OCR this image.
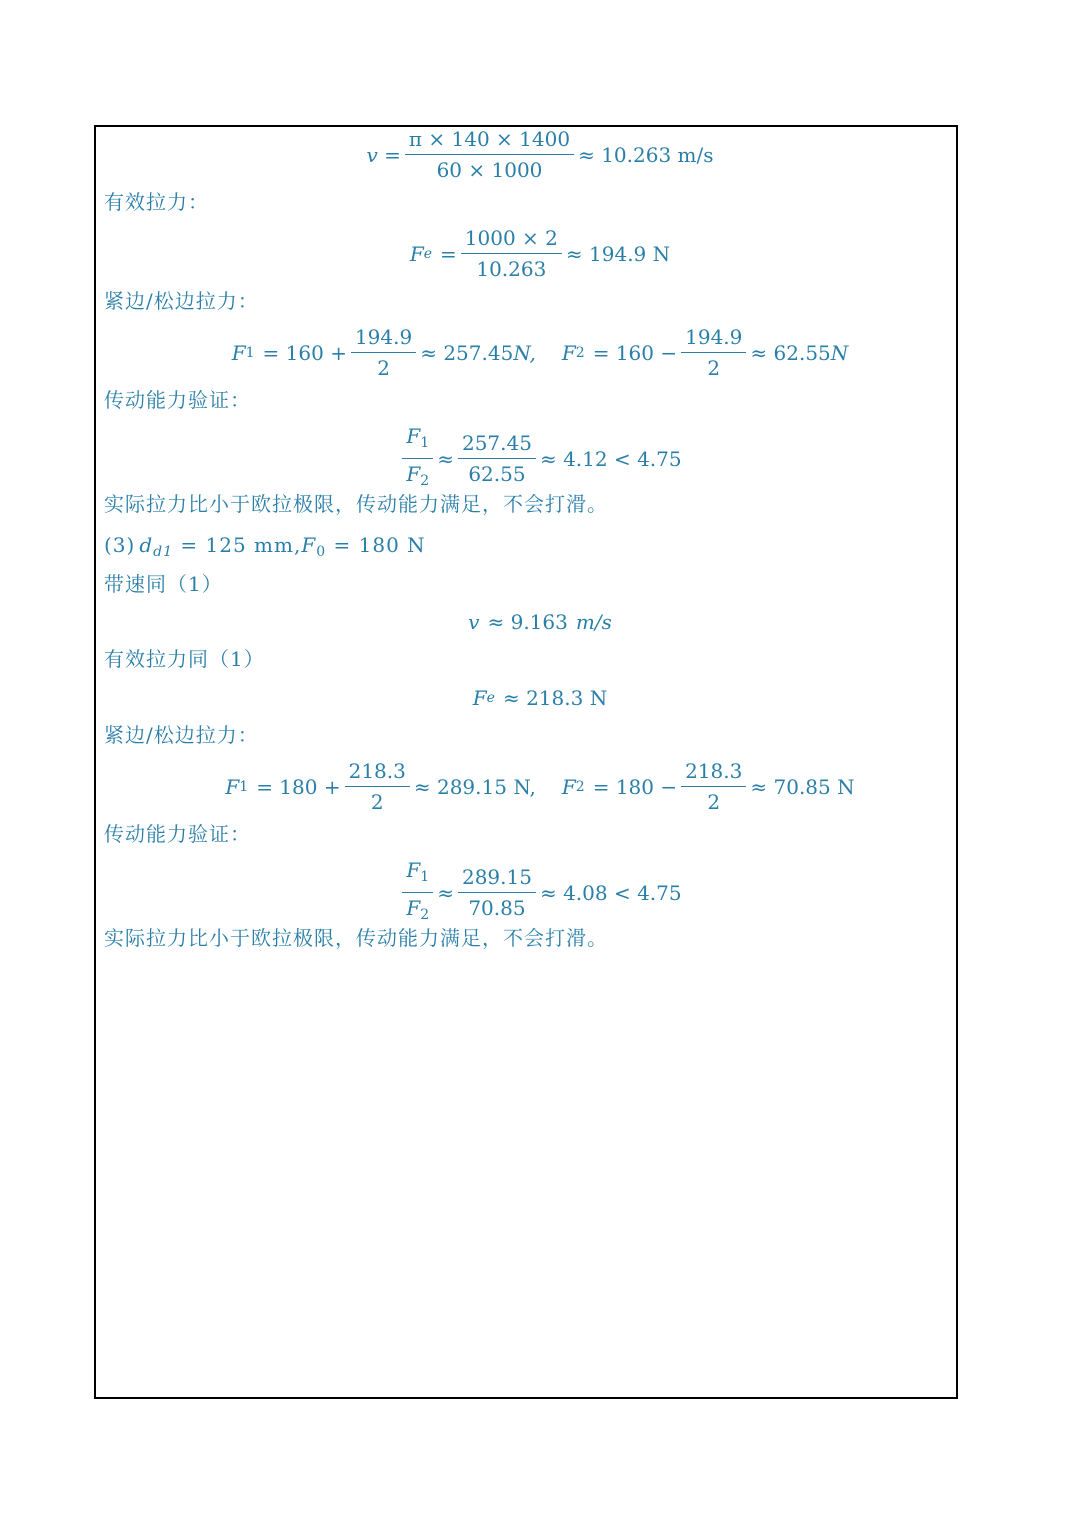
$v = \frac{\pi \times 140 \times 1400}{60 \times 1000} \approx 10.263$ m/s
有效拉力：
F $e = \frac{1000 \times 2}{10.263} \approx 194.9$ N
紧边/松边拉力：
F $1 = 160 + \frac{194.9}{2} \approx 257.45$ N, F $2 = 160 - \frac{194.9}{2} \approx 62.55$ N
传动能力验证：
$\frac{F_1}{F_2} \approx \frac{257.45}{62.55} \approx 4.12 < 4.75$
实际拉力比小于欧拉极限，传动能力满足，不会打滑。
(3) $d_{d1} = 125$ $mm,F_0 = 180$ N
带速同（1）
v ≈ 9.163 m/s
有效拉力同（1）
F e ≈ 218.3 N
紧边/松边拉力：
F $1 = 180 + \frac{218.3}{2} \approx 289.15$ N, F $2 = 180 - \frac{218.3}{2} \approx 70.85$ N
传动能力验证：
$\frac{F_1}{F_2} \approx \frac{289.15}{70.85} \approx 4.08 < 4.75$
实际拉力比小于欧拉极限，传动能力满足，不会打滑。
